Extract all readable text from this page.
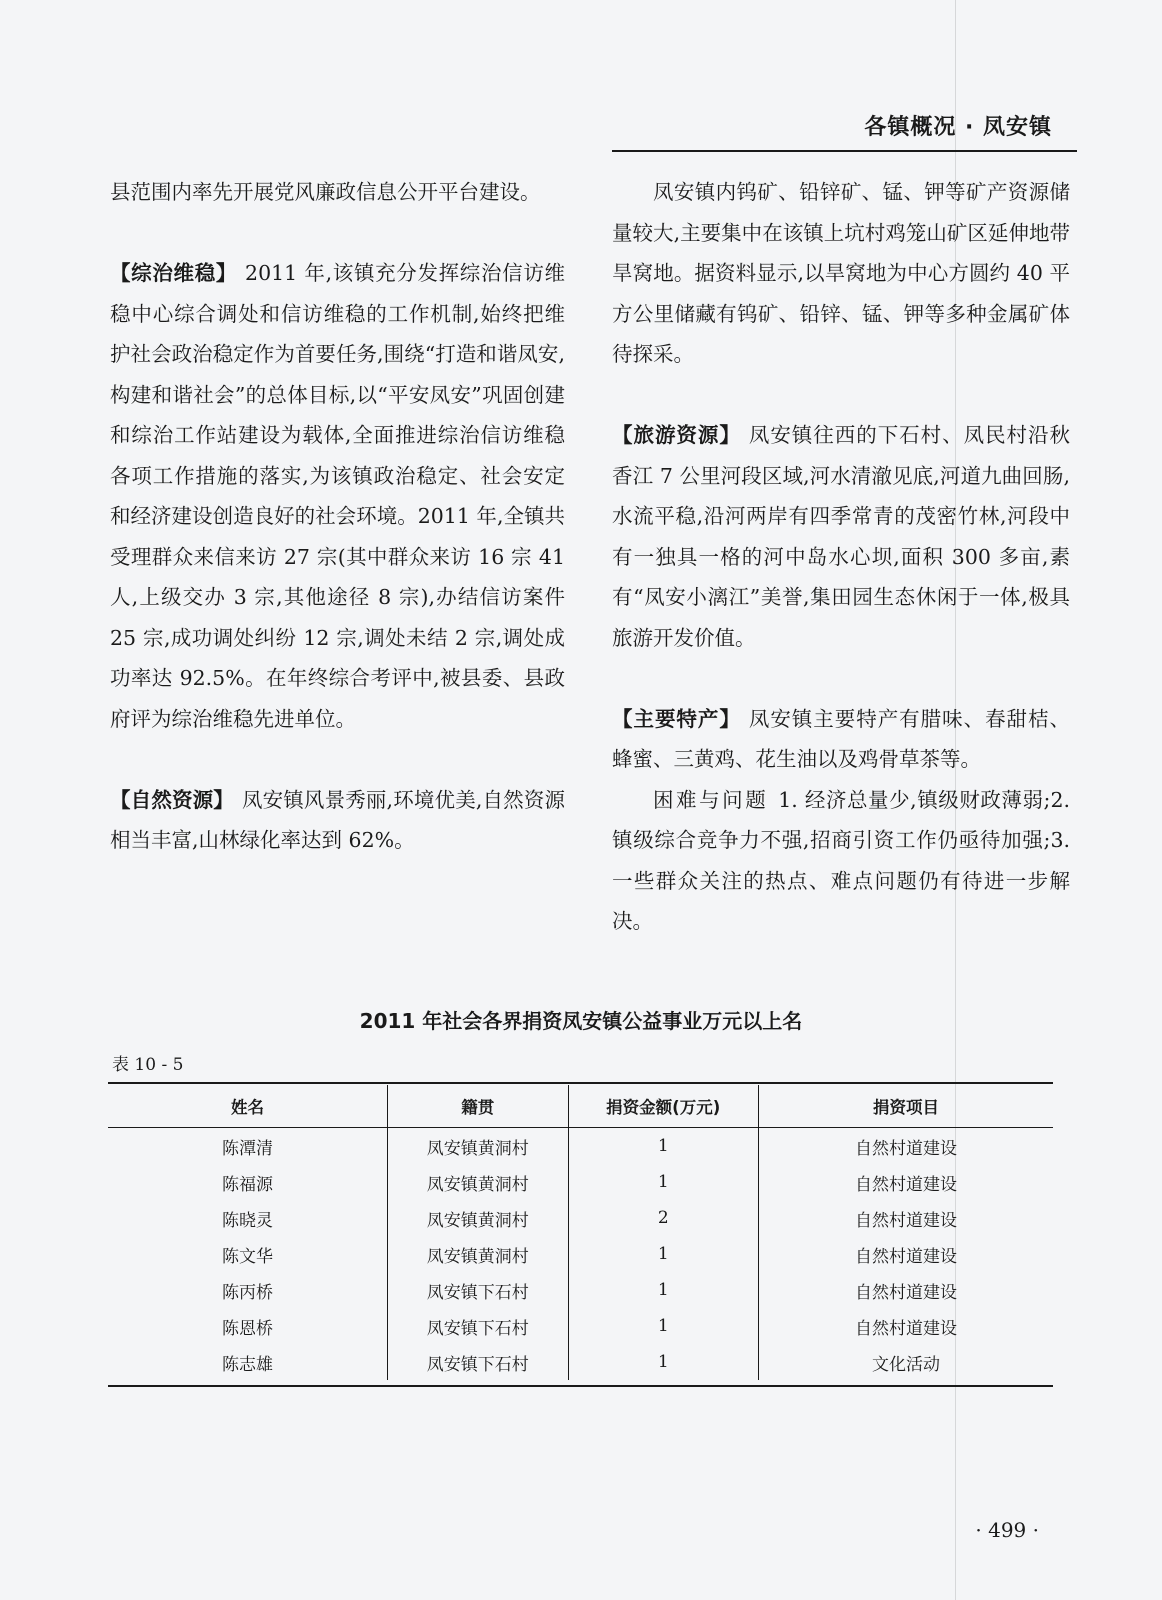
各镇概况 · 凤安镇

县范围内率先开展党风廉政信息公开平台建设。

【综治维稳】 2011 年,该镇充分发挥综治信访维稳中心综合调处和信访维稳的工作机制,始终把维护社会政治稳定作为首要任务,围绕“打造和谐凤安,构建和谐社会”的总体目标,以“平安凤安”巩固创建和综治工作站建设为载体,全面推进综治信访维稳各项工作措施的落实,为该镇政治稳定、社会安定和经济建设创造良好的社会环境。2011 年,全镇共受理群众来信来访 27 宗(其中群众来访 16 宗 41 人,上级交办 3 宗,其他途径 8 宗),办结信访案件 25 宗,成功调处纠纷 12 宗,调处未结 2 宗,调处成功率达 92.5%。在年终综合考评中,被县委、县政府评为综治维稳先进单位。

【自然资源】 凤安镇风景秀丽,环境优美,自然资源相当丰富,山林绿化率达到 62%。

凤安镇内钨矿、铅锌矿、锰、钾等矿产资源储量较大,主要集中在该镇上坑村鸡笼山矿区延伸地带旱窝地。据资料显示,以旱窝地为中心方圆约 40 平方公里储藏有钨矿、铅锌、锰、钾等多种金属矿体待探采。

【旅游资源】 凤安镇往西的下石村、凤民村沿秋香江 7 公里河段区域,河水清澈见底,河道九曲回肠,水流平稳,沿河两岸有四季常青的茂密竹林,河段中有一独具一格的河中岛水心坝,面积 300 多亩,素有“凤安小漓江”美誉,集田园生态休闲于一体,极具旅游开发价值。

【主要特产】 凤安镇主要特产有腊味、春甜桔、蜂蜜、三黄鸡、花生油以及鸡骨草茶等。

困难与问题 1. 经济总量少,镇级财政薄弱;2. 镇级综合竞争力不强,招商引资工作仍亟待加强;3. 一些群众关注的热点、难点问题仍有待进一步解决。

2011 年社会各界捐资凤安镇公益事业万元以上名
表 10 - 5
姓名	籍贯	捐资金额(万元)	捐资项目
陈潭清	凤安镇黄洞村	1	自然村道建设
陈福源	凤安镇黄洞村	1	自然村道建设
陈晓灵	凤安镇黄洞村	2	自然村道建设
陈文华	凤安镇黄洞村	1	自然村道建设
陈丙桥	凤安镇下石村	1	自然村道建设
陈恩桥	凤安镇下石村	1	自然村道建设
陈志雄	凤安镇下石村	1	文化活动
· 499 ·
